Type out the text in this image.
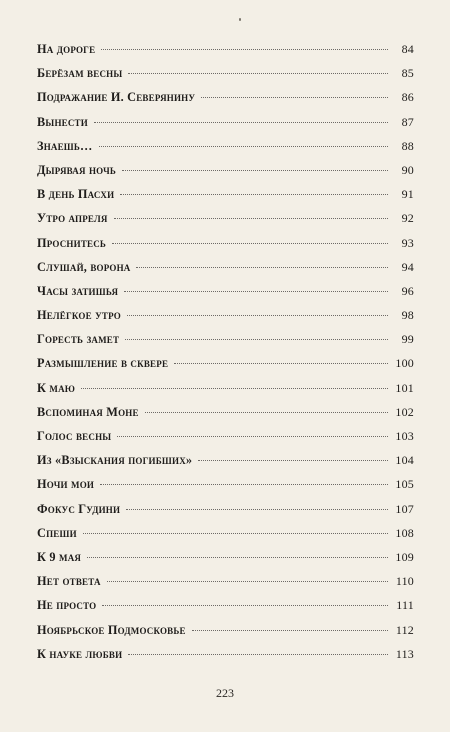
На дороге	84
Берёзам весны	85
Подражание И. Северянину	86
Вынести	87
Знаешь…	88
Дырявая ночь	90
В день Пасхи	91
Утро апреля	92
Проснитесь	93
Слушай, ворона	94
Часы затишья	96
Нелёгкое утро	98
Горесть замет	99
Размышление в сквере	100
К маю	101
Вспоминая Моне	102
Голос весны	103
Из «Взыскания погибших»	104
Ночи мои	105
Фокус Гудини	107
Спеши	108
К 9 мая	109
Нет ответа	110
Не просто	111
Ноябрьское Подмосковье	112
К науке любви	113
223
